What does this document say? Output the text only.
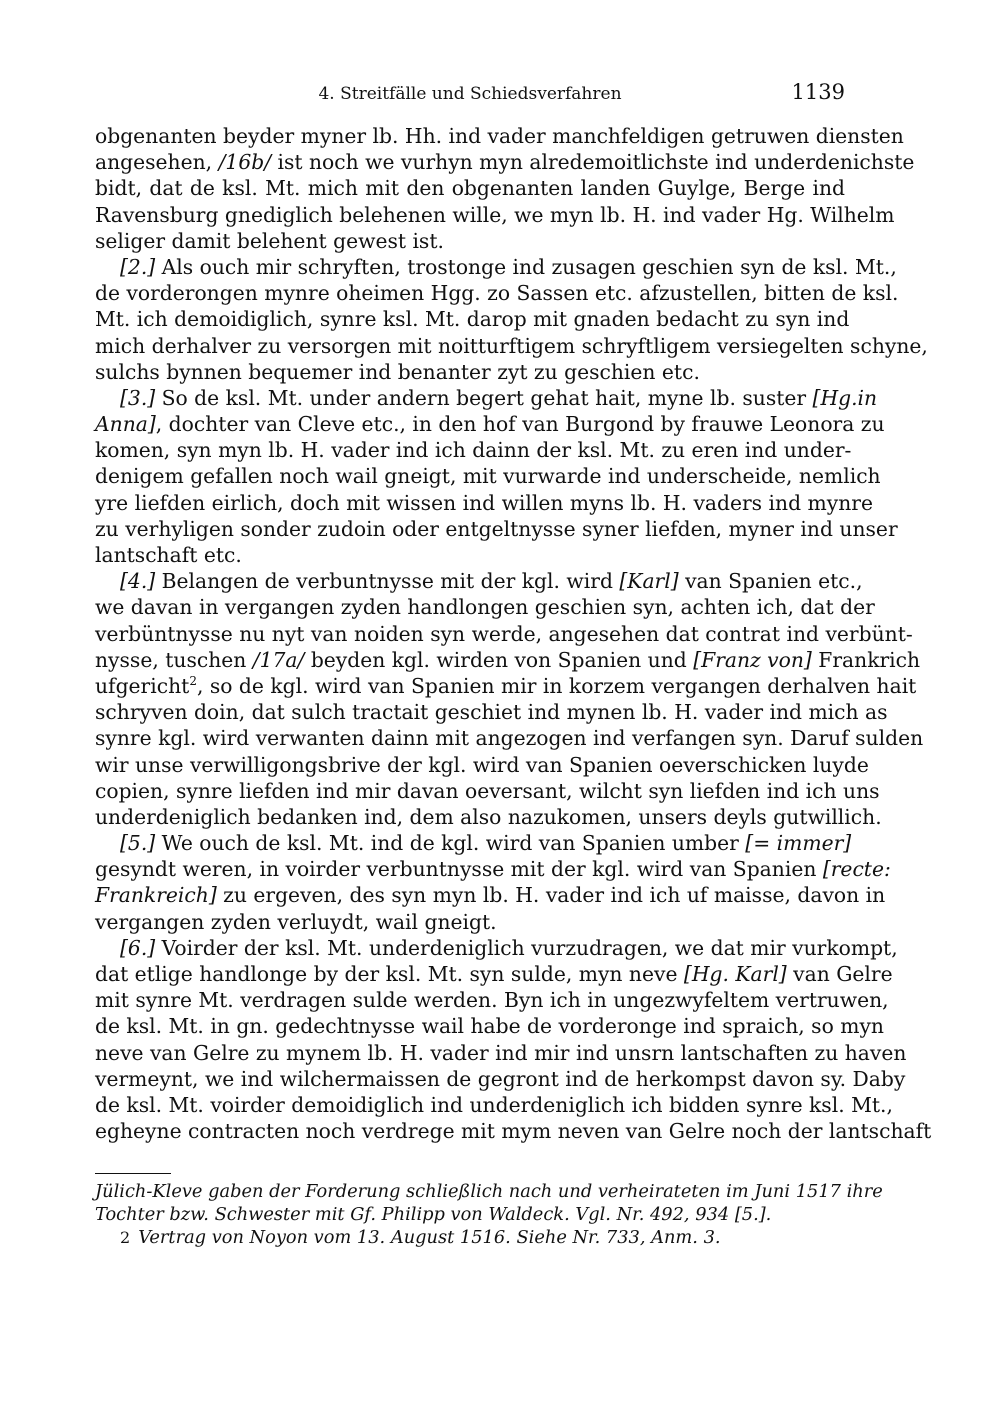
4. Streitfälle und Schiedsverfahren	1139
obgenanten beyder myner lb. Hh. ind vader manchfeldigen getruwen diensten
angesehen, /16b/ ist noch we vurhyn myn alredemoitlichste ind underdenichste
bidt, dat de ksl. Mt. mich mit den obgenanten landen Guylge, Berge ind
Ravensburg gnediglich belehenen wille, we myn lb. H. ind vader Hg. Wilhelm
seliger damit belehent gewest ist.
[2.] Als ouch mir schryften, trostonge ind zusagen geschien syn de ksl. Mt.,
de vorderongen mynre oheimen Hgg. zo Sassen etc. afzustellen, bitten de ksl.
Mt. ich demoidiglich, synre ksl. Mt. darop mit gnaden bedacht zu syn ind
mich derhalver zu versorgen mit noitturftigem schryftligem versiegelten schyne,
sulchs bynnen bequemer ind benanter zyt zu geschien etc.
[3.] So de ksl. Mt. under andern begert gehat hait, myne lb. suster [Hg.in
Anna], dochter van Cleve etc., in den hof van Burgond by frauwe Leonora zu
komen, syn myn lb. H. vader ind ich dainn der ksl. Mt. zu eren ind under-
denigem gefallen noch wail gneigt, mit vurwarde ind underscheide, nemlich
yre liefden eirlich, doch mit wissen ind willen myns lb. H. vaders ind mynre
zu verhyligen sonder zudoin oder entgeltnysse syner liefden, myner ind unser
lantschaft etc.
[4.] Belangen de verbuntnysse mit der kgl. wird [Karl] van Spanien etc.,
we davan in vergangen zyden handlongen geschien syn, achten ich, dat der
verbüntnysse nu nyt van noiden syn werde, angesehen dat contrat ind verbünt-
nysse, tuschen /17a/ beyden kgl. wirden von Spanien und [Franz von] Frankrich
ufgericht$^2$, so de kgl. wird van Spanien mir in korzem vergangen derhalven hait
schryven doin, dat sulch tractait geschiet ind mynen lb. H. vader ind mich as
synre kgl. wird verwanten dainn mit angezogen ind verfangen syn. Daruf sulden
wir unse verwilligongsbrive der kgl. wird van Spanien oeverschicken luyde
copien, synre liefden ind mir davan oeversant, wilcht syn liefden ind ich uns
underdeniglich bedanken ind, dem also nazukomen, unsers deyls gutwillich.
[5.] We ouch de ksl. Mt. ind de kgl. wird van Spanien umber [= immer]
gesyndt weren, in voirder verbuntnysse mit der kgl. wird van Spanien [recte:
Frankreich] zu ergeven, des syn myn lb. H. vader ind ich uf maisse, davon in
vergangen zyden verluydt, wail gneigt.
[6.] Voirder der ksl. Mt. underdeniglich vurzudragen, we dat mir vurkompt,
dat etlige handlonge by der ksl. Mt. syn sulde, myn neve [Hg. Karl] van Gelre
mit synre Mt. verdragen sulde werden. Byn ich in ungezwyfeltem vertruwen,
de ksl. Mt. in gn. gedechtnysse wail habe de vorderonge ind spraich, so myn
neve van Gelre zu mynem lb. H. vader ind mir ind unsrn lantschaften zu haven
vermeynt, we ind wilchermaissen de gegront ind de herkompst davon sy. Daby
de ksl. Mt. voirder demoidiglich ind underdeniglich ich bidden synre ksl. Mt.,
egheyne contracten noch verdrege mit mym neven van Gelre noch der lantschaft
Jülich-Kleve gaben der Forderung schließlich nach und verheirateten im Juni 1517 ihre
Tochter bzw. Schwester mit Gf. Philipp von Waldeck. Vgl. Nr. 492, 934 [5.].
2 Vertrag von Noyon vom 13. August 1516. Siehe Nr. 733, Anm. 3.
